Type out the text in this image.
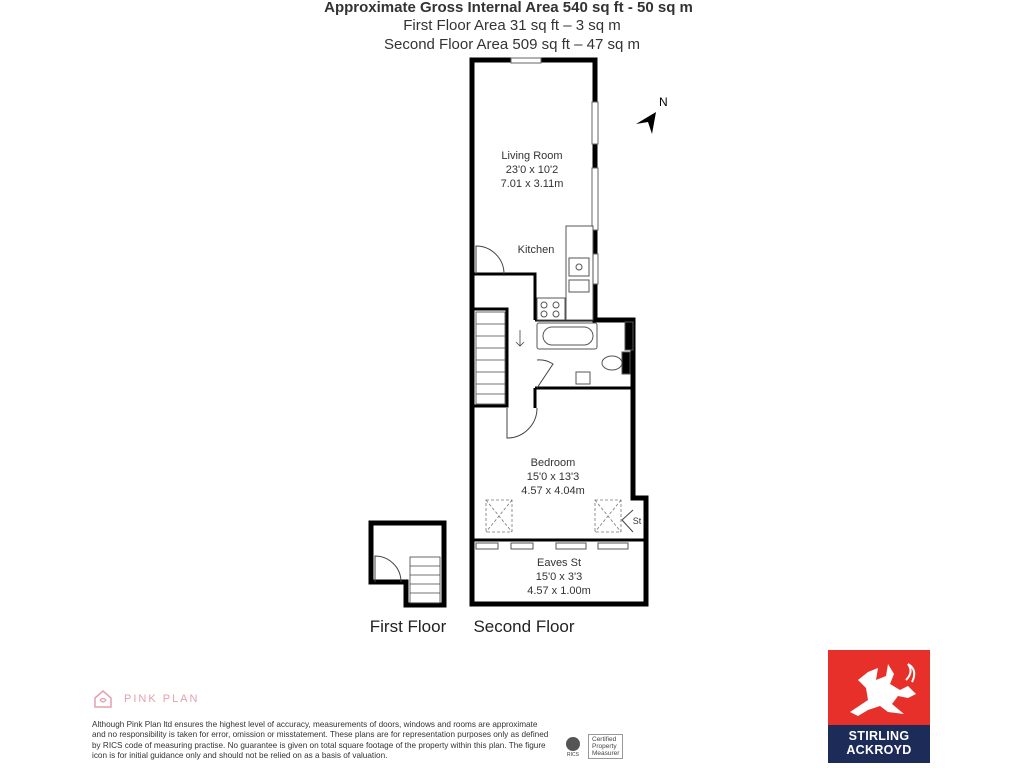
Approximate Gross Internal Area 540 sq ft - 50 sq m
First Floor Area 31 sq ft – 3 sq m
Second Floor Area 509 sq ft – 47 sq m
Living Room
23'0 x 10'2
7.01 x 3.11m
Kitchen
Bedroom
15'0 x 13'3
4.57 x 4.04m
Eaves St
15'0 x 3'3
4.57 x 1.00m
St
N
First Floor Second Floor
PINK PLAN
Although Pink Plan ltd ensures the highest level of accuracy, measurements of doors, windows and rooms are approximate and no responsibility is taken for error, omission or misstatement. These plans are for representation purposes only as defined by RICS code of measuring practise. No guarantee is given on total square footage of the property within this plan. The figure icon is for initial guidance only and should not be relied on as a basis of valuation.	RICS
Certified
Property
Measurer
STIRLING
ACKROYD
